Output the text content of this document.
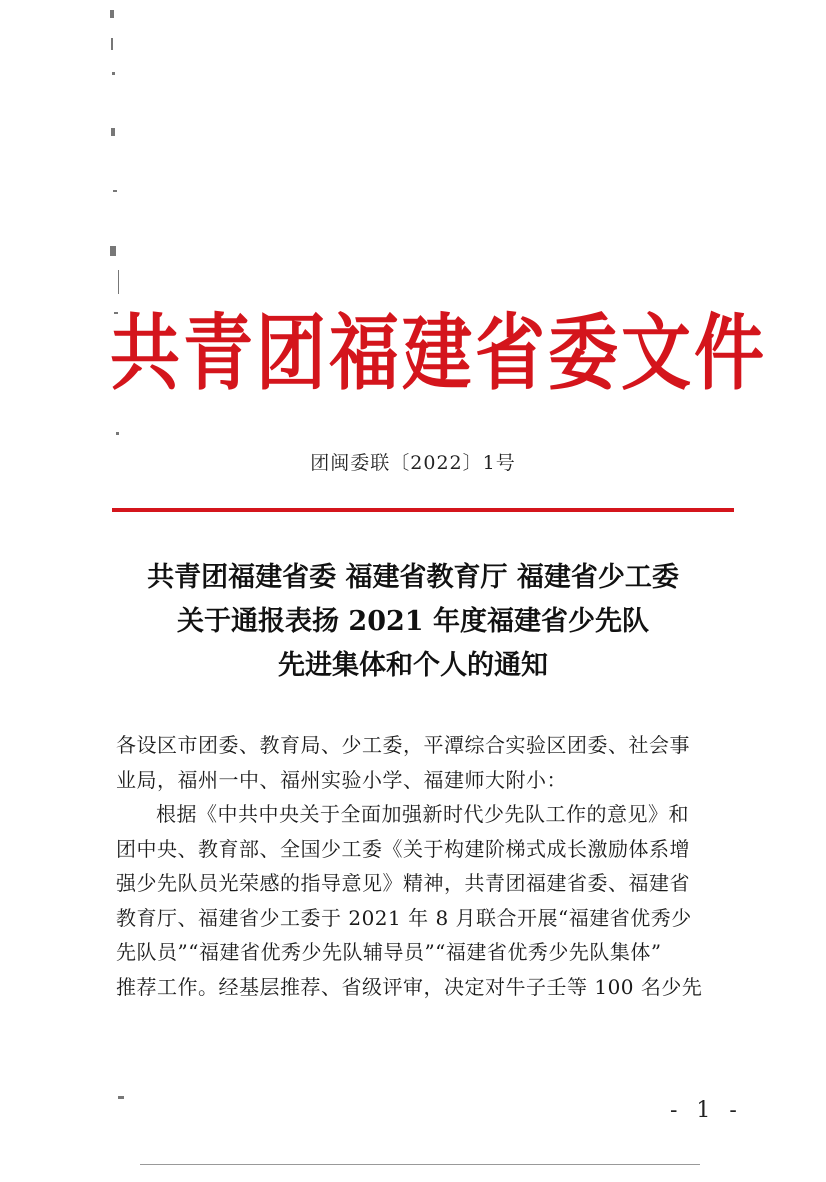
共青团福建省委文件
团闽委联〔2022〕1号
共青团福建省委 福建省教育厅 福建省少工委
关于通报表扬 2021 年度福建省少先队
先进集体和个人的通知
各设区市团委、教育局、少工委，平潭综合实验区团委、社会事
业局，福州一中、福州实验小学、福建师大附小：
根据《中共中央关于全面加强新时代少先队工作的意见》和
团中央、教育部、全国少工委《关于构建阶梯式成长激励体系增
强少先队员光荣感的指导意见》精神，共青团福建省委、福建省
教育厅、福建省少工委于 2021 年 8 月联合开展“福建省优秀少
先队员”“福建省优秀少先队辅导员”“福建省优秀少先队集体”
推荐工作。经基层推荐、省级评审，决定对牛子壬等 100 名少先
- 1 -
